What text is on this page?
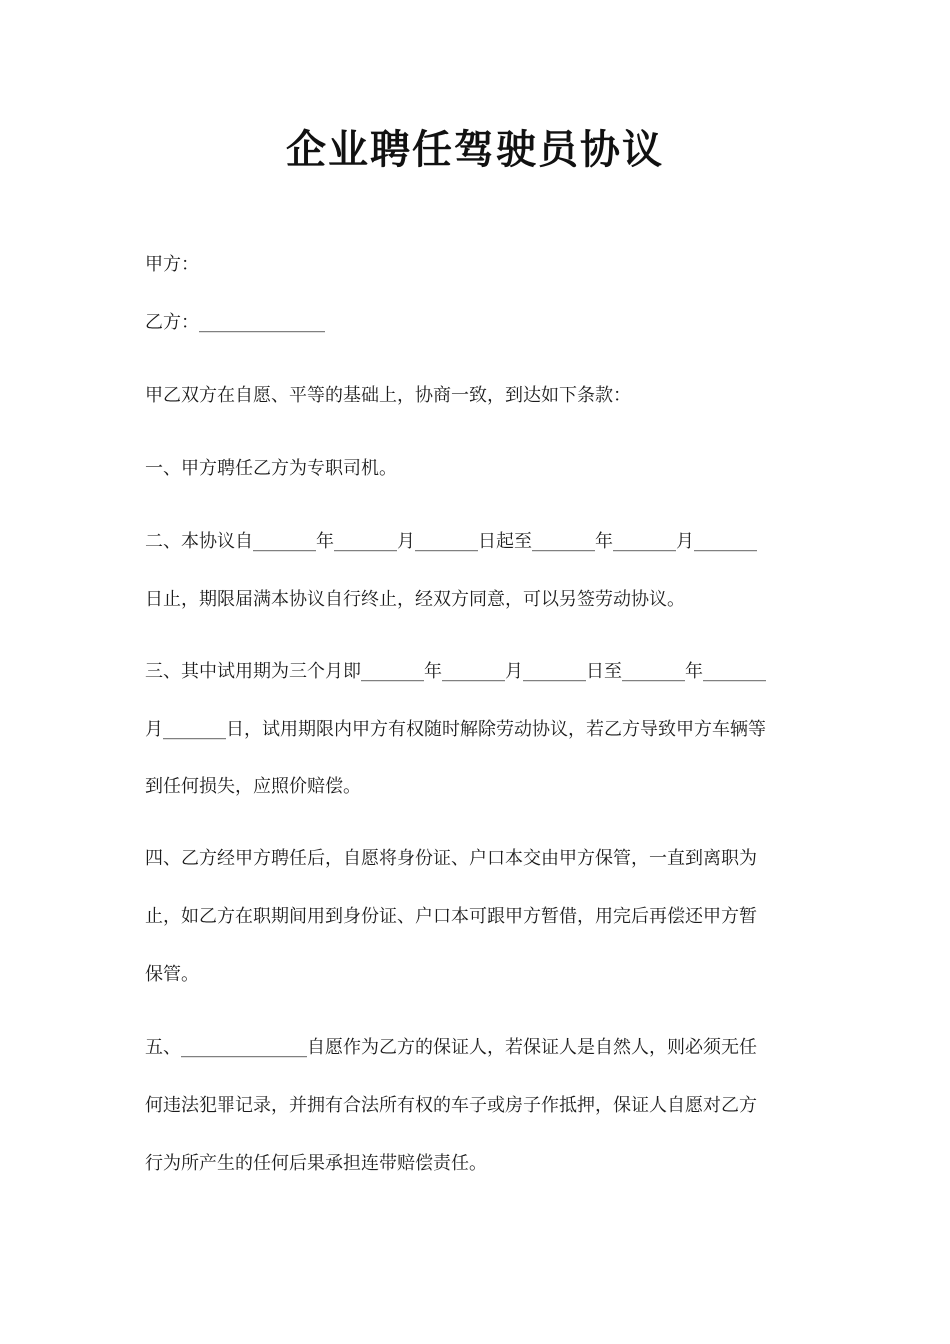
企业聘任驾驶员协议
甲方：
乙方：______________
甲乙双方在自愿、平等的基础上，协商一致，到达如下条款：
一、甲方聘任乙方为专职司机。
二、本协议自_______年_______月_______日起至_______年_______月_______
日止，期限届满本协议自行终止，经双方同意，可以另签劳动协议。
三、其中试用期为三个月即_______年_______月_______日至_______年_______
月_______日，试用期限内甲方有权随时解除劳动协议，若乙方导致甲方车辆等
到任何损失，应照价赔偿。
四、乙方经甲方聘任后，自愿将身份证、户口本交由甲方保管，一直到离职为
止，如乙方在职期间用到身份证、户口本可跟甲方暂借，用完后再偿还甲方暂
保管。
五、______________自愿作为乙方的保证人，若保证人是自然人，则必须无任
何违法犯罪记录，并拥有合法所有权的车子或房子作抵押，保证人自愿对乙方
行为所产生的任何后果承担连带赔偿责任。
